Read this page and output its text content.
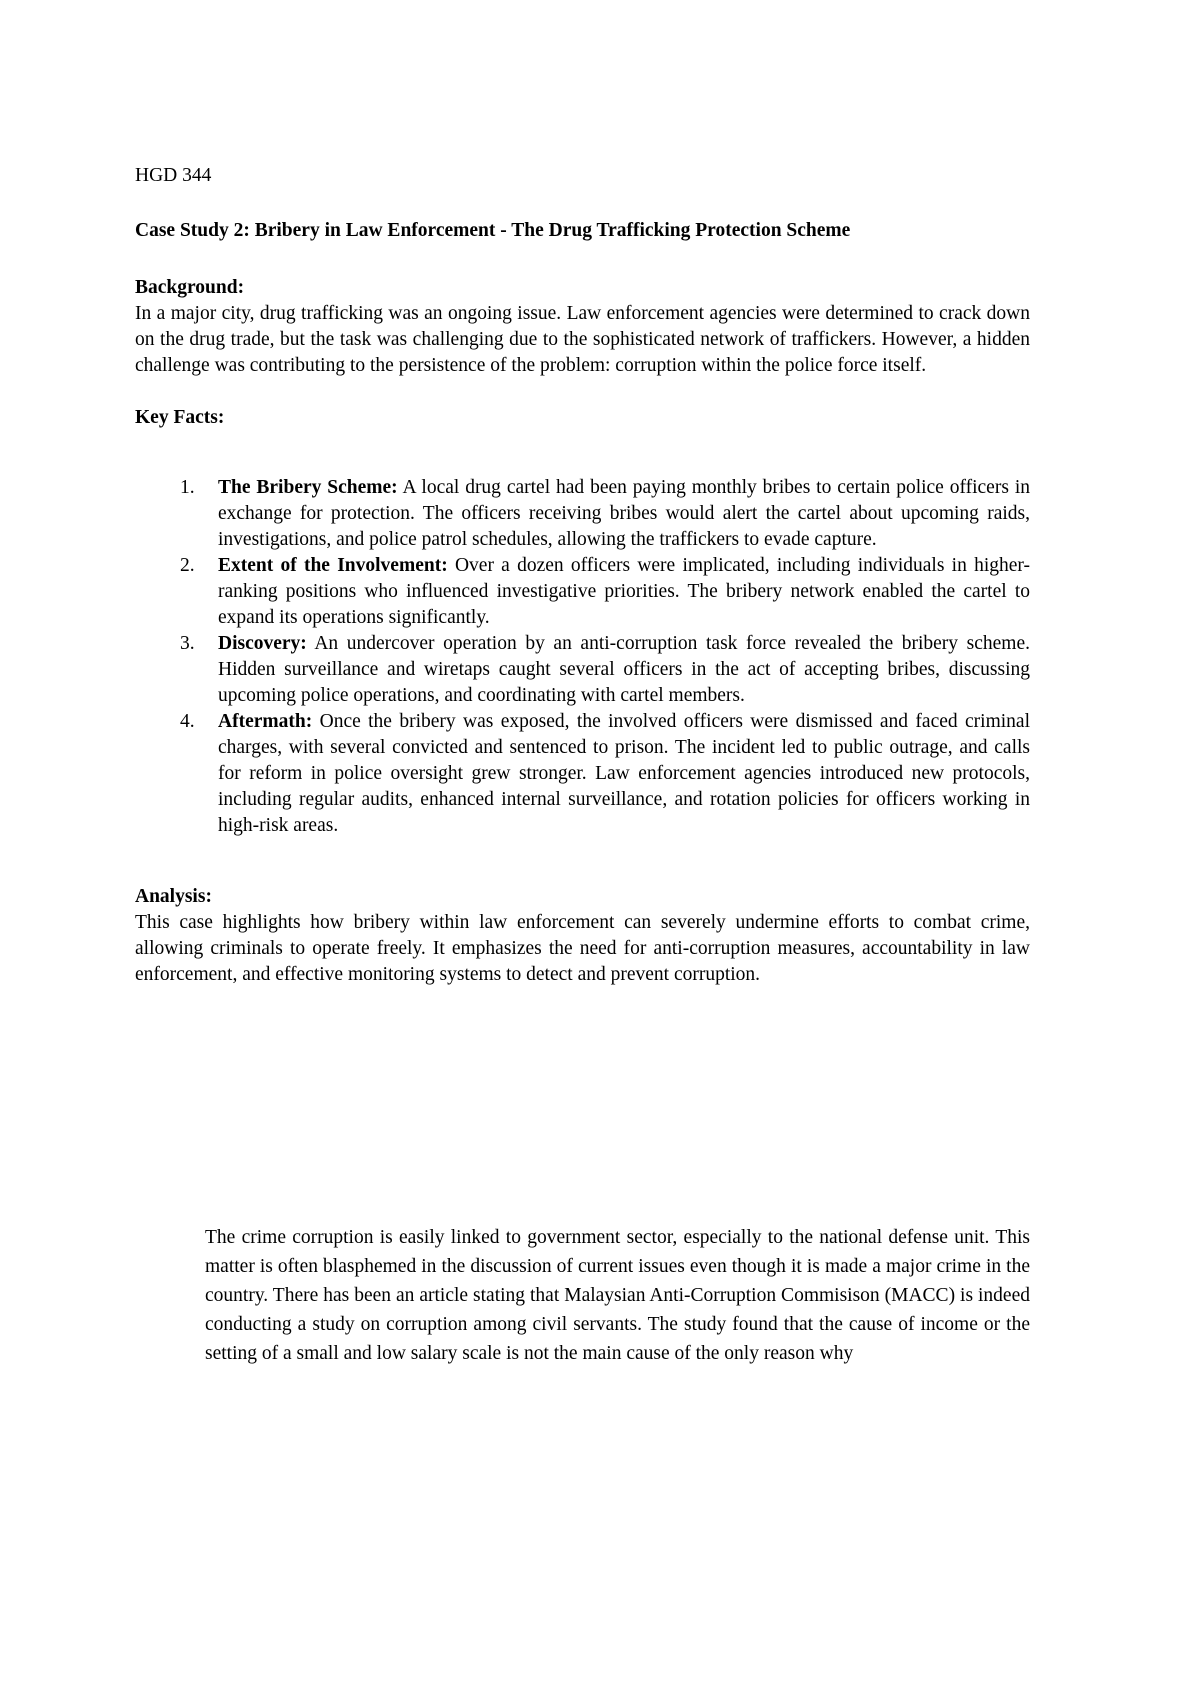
HGD 344

Case Study 2: Bribery in Law Enforcement - The Drug Trafficking Protection Scheme

Background:

In a major city, drug trafficking was an ongoing issue. Law enforcement agencies were determined to crack down on the drug trade, but the task was challenging due to the sophisticated network of traffickers. However, a hidden challenge was contributing to the persistence of the problem: corruption within the police force itself.

Key Facts:

1.	The Bribery Scheme: A local drug cartel had been paying monthly bribes to certain police officers in exchange for protection. The officers receiving bribes would alert the cartel about upcoming raids, investigations, and police patrol schedules, allowing the traffickers to evade capture.
2.	Extent of the Involvement: Over a dozen officers were implicated, including individuals in higher-ranking positions who influenced investigative priorities. The bribery network enabled the cartel to expand its operations significantly.
3.	Discovery: An undercover operation by an anti-corruption task force revealed the bribery scheme. Hidden surveillance and wiretaps caught several officers in the act of accepting bribes, discussing upcoming police operations, and coordinating with cartel members.
4.	Aftermath: Once the bribery was exposed, the involved officers were dismissed and faced criminal charges, with several convicted and sentenced to prison. The incident led to public outrage, and calls for reform in police oversight grew stronger. Law enforcement agencies introduced new protocols, including regular audits, enhanced internal surveillance, and rotation policies for officers working in high-risk areas.

Analysis:

This case highlights how bribery within law enforcement can severely undermine efforts to combat crime, allowing criminals to operate freely. It emphasizes the need for anti-corruption measures, accountability in law enforcement, and effective monitoring systems to detect and prevent corruption.

The crime corruption is easily linked to government sector, especially to the national defense unit. This matter is often blasphemed in the discussion of current issues even though it is made a major crime in the country. There has been an article stating that Malaysian Anti-Corruption Commisison (MACC) is indeed conducting a study on corruption among civil servants. The study found that the cause of income or the setting of a small and low salary scale is not the main cause of the only reason why
